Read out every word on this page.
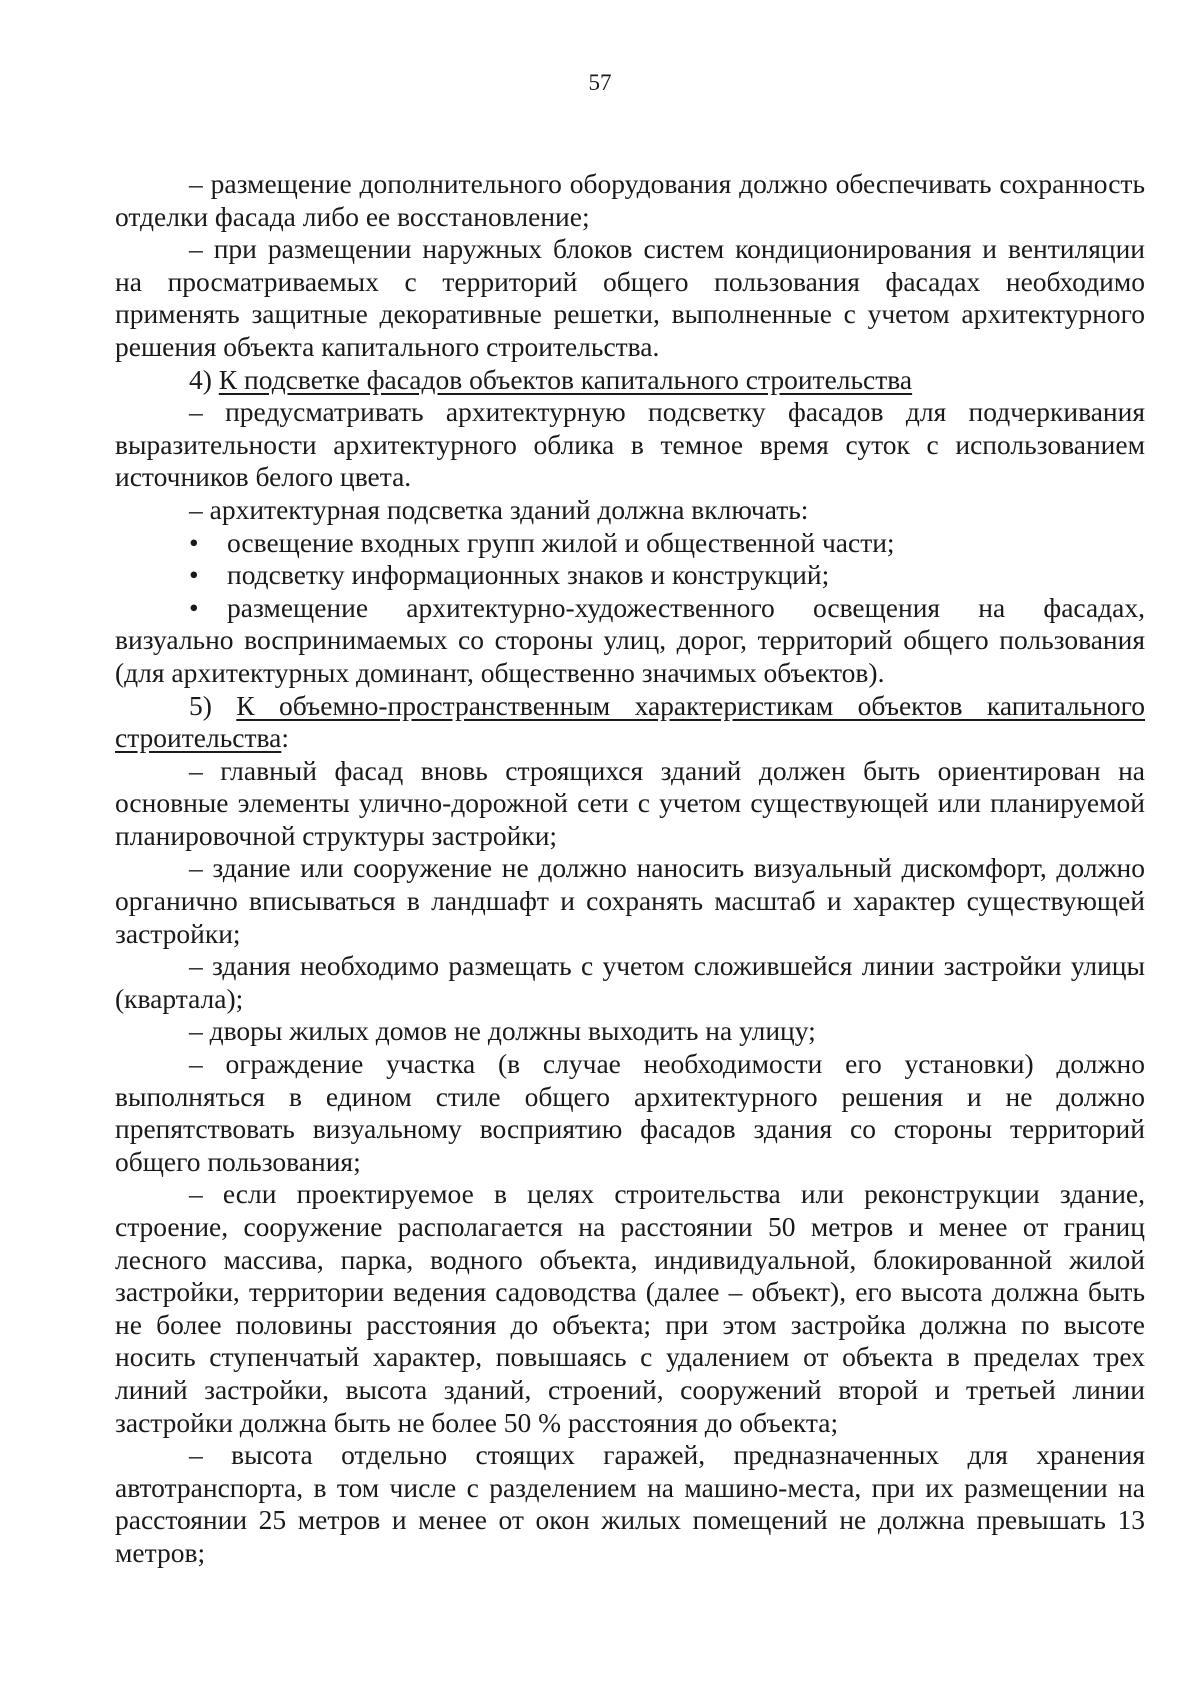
57

– размещение дополнительного оборудования должно обеспечивать сохранность отделки фасада либо ее восстановление;

– при размещении наружных блоков систем кондиционирования и вентиляции на просматриваемых с территорий общего пользования фасадах необходимо применять защитные декоративные решетки, выполненные с учетом архитектурного решения объекта капитального строительства.

4) К подсветке фасадов объектов капитального строительства

– предусматривать архитектурную подсветку фасадов для подчеркивания выразительности архитектурного облика в темное время суток с использованием источников белого цвета.

– архитектурная подсветка зданий должна включать:

• освещение входных групп жилой и общественной части;

• подсветку информационных знаков и конструкций;

• размещение архитектурно-художественного освещения на фасадах, визуально воспринимаемых со стороны улиц, дорог, территорий общего пользования (для архитектурных доминант, общественно значимых объектов).

5) К объемно-пространственным характеристикам объектов капитального строительства:

– главный фасад вновь строящихся зданий должен быть ориентирован на основные элементы улично-дорожной сети с учетом существующей или планируемой планировочной структуры застройки;

– здание или сооружение не должно наносить визуальный дискомфорт, должно органично вписываться в ландшафт и сохранять масштаб и характер существующей застройки;

– здания необходимо размещать с учетом сложившейся линии застройки улицы (квартала);

– дворы жилых домов не должны выходить на улицу;

– ограждение участка (в случае необходимости его установки) должно выполняться в едином стиле общего архитектурного решения и не должно препятствовать визуальному восприятию фасадов здания со стороны территорий общего пользования;

– если проектируемое в целях строительства или реконструкции здание, строение, сооружение располагается на расстоянии 50 метров и менее от границ лесного массива, парка, водного объекта, индивидуальной, блокированной жилой застройки, территории ведения садоводства (далее – объект), его высота должна быть не более половины расстояния до объекта; при этом застройка должна по высоте носить ступенчатый характер, повышаясь с удалением от объекта в пределах трех линий застройки, высота зданий, строений, сооружений второй и третьей линии застройки должна быть не более 50 % расстояния до объекта;

– высота отдельно стоящих гаражей, предназначенных для хранения автотранспорта, в том числе с разделением на машино-места, при их размещении на расстоянии 25 метров и менее от окон жилых помещений не должна превышать 13 метров;
